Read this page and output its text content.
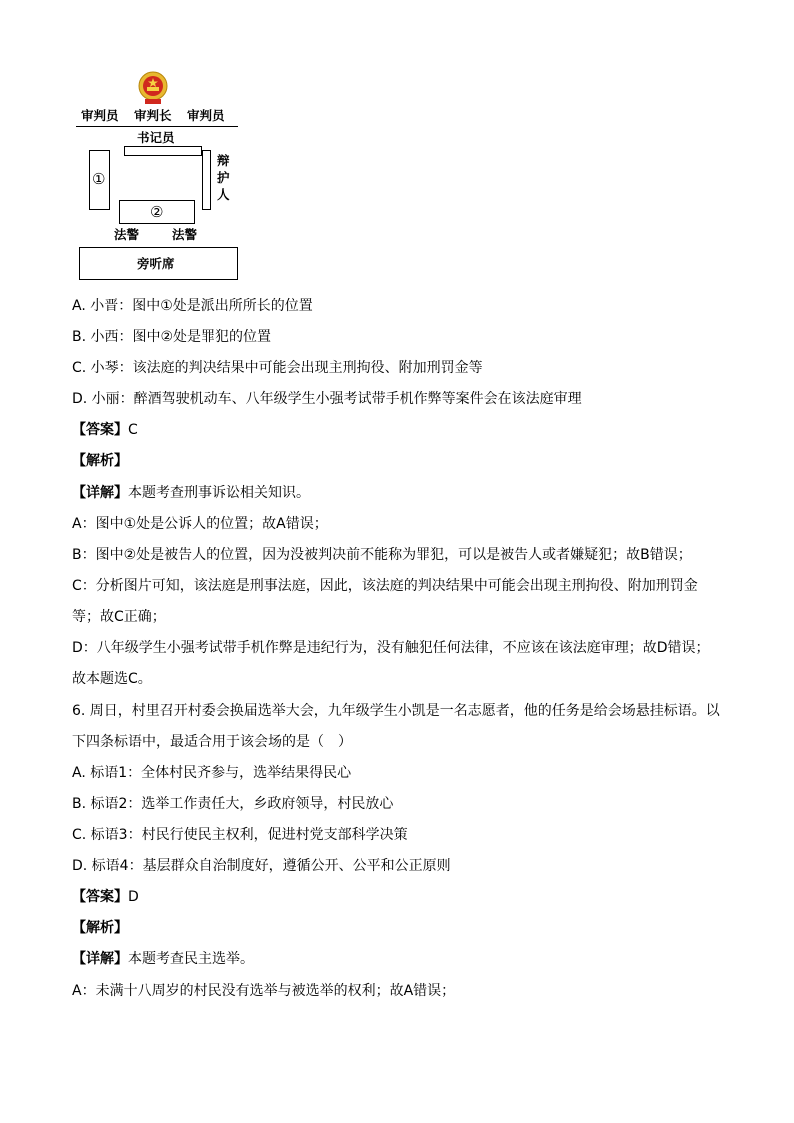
审判员 审判长 审判员
书记员
①
②
辩
护
人
法警	法警
旁听席
A. 小晋：图中①处是派出所所长的位置
B. 小西：图中②处是罪犯的位置
C. 小琴：该法庭的判决结果中可能会出现主刑拘役、附加刑罚金等
D. 小丽：醉酒驾驶机动车、八年级学生小强考试带手机作弊等案件会在该法庭审理
【答案】C
【解析】
【详解】本题考查刑事诉讼相关知识。
A：图中①处是公诉人的位置；故A错误；
B：图中②处是被告人的位置，因为没被判决前不能称为罪犯，可以是被告人或者嫌疑犯；故B错误；
C：分析图片可知，该法庭是刑事法庭，因此，该法庭的判决结果中可能会出现主刑拘役、附加刑罚金
等；故C正确；
D：八年级学生小强考试带手机作弊是违纪行为，没有触犯任何法律，不应该在该法庭审理；故D错误；
故本题选C。
6. 周日，村里召开村委会换届选举大会，九年级学生小凯是一名志愿者，他的任务是给会场悬挂标语。以
下四条标语中，最适合用于该会场的是（　）
A. 标语1：全体村民齐参与，选举结果得民心
B. 标语2：选举工作责任大，乡政府领导，村民放心
C. 标语3：村民行使民主权利，促进村党支部科学决策
D. 标语4：基层群众自治制度好，遵循公开、公平和公正原则
【答案】D
【解析】
【详解】本题考查民主选举。
A：未满十八周岁的村民没有选举与被选举的权利；故A错误；
